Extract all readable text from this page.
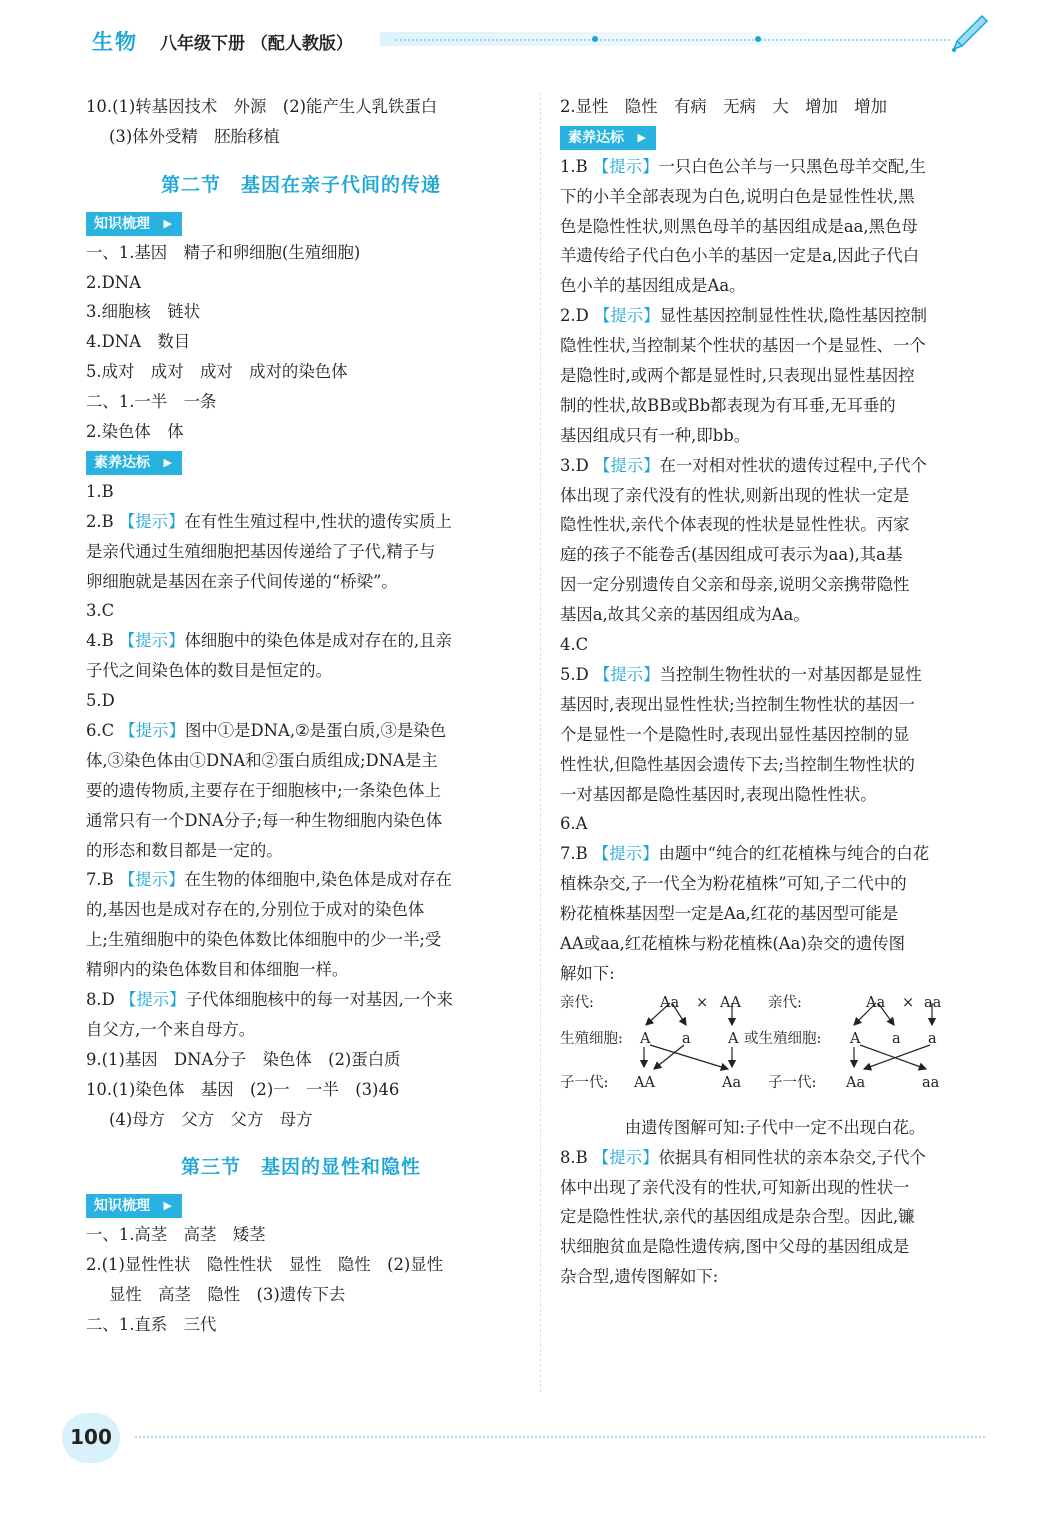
生物 八年级下册 （配人教版）
10.(1)转基因技术　外源　(2)能产生人乳铁蛋白
(3)体外受精　胚胎移植
第二节　基因在亲子代间的传递
知识梳理 ▶
一、1.基因　精子和卵细胞(生殖细胞)
2.DNA
3.细胞核　链状
4.DNA　数目
5.成对　成对　成对　成对的染色体
二、1.一半　一条
2.染色体　体
素养达标 ▶
1.B
2.B 【提示】在有性生殖过程中,性状的遗传实质上
是亲代通过生殖细胞把基因传递给了子代,精子与
卵细胞就是基因在亲子代间传递的“桥梁”。
3.C
4.B 【提示】体细胞中的染色体是成对存在的,且亲
子代之间染色体的数目是恒定的。
5.D
6.C 【提示】图中①是DNA,②是蛋白质,③是染色
体,③染色体由①DNA和②蛋白质组成;DNA是主
要的遗传物质,主要存在于细胞核中;一条染色体上
通常只有一个DNA分子;每一种生物细胞内染色体
的形态和数目都是一定的。
7.B 【提示】在生物的体细胞中,染色体是成对存在
的,基因也是成对存在的,分别位于成对的染色体
上;生殖细胞中的染色体数比体细胞中的少一半;受
精卵内的染色体数目和体细胞一样。
8.D 【提示】子代体细胞核中的每一对基因,一个来
自父方,一个来自母方。
9.(1)基因　DNA分子　染色体　(2)蛋白质
10.(1)染色体　基因　(2)一　一半　(3)46
(4)母方　父方　父方　母方
第三节　基因的显性和隐性
知识梳理 ▶
一、1.高茎　高茎　矮茎
2.(1)显性性状　隐性性状　显性　隐性　(2)显性
显性　高茎　隐性　(3)遗传下去
二、1.直系　三代
2.显性　隐性　有病　无病　大　增加　增加
素养达标 ▶
1.B 【提示】一只白色公羊与一只黑色母羊交配,生
下的小羊全部表现为白色,说明白色是显性性状,黑
色是隐性性状,则黑色母羊的基因组成是aa,黑色母
羊遗传给子代白色小羊的基因一定是a,因此子代白
色小羊的基因组成是Aa。
2.D 【提示】显性基因控制显性性状,隐性基因控制
隐性性状,当控制某个性状的基因一个是显性、一个
是隐性时,或两个都是显性时,只表现出显性基因控
制的性状,故BB或Bb都表现为有耳垂,无耳垂的
基因组成只有一种,即bb。
3.D 【提示】在一对相对性状的遗传过程中,子代个
体出现了亲代没有的性状,则新出现的性状一定是
隐性性状,亲代个体表现的性状是显性性状。丙家
庭的孩子不能卷舌(基因组成可表示为aa),其a基
因一定分别遗传自父亲和母亲,说明父亲携带隐性
基因a,故其父亲的基因组成为Aa。
4.C
5.D 【提示】当控制生物性状的一对基因都是显性
基因时,表现出显性性状;当控制生物性状的基因一
个是显性一个是隐性时,表现出显性基因控制的显
性性状,但隐性基因会遗传下去;当控制生物性状的
一对基因都是隐性基因时,表现出隐性性状。
6.A
7.B 【提示】由题中“纯合的红花植株与纯合的白花
植株杂交,子一代全为粉花植株”可知,子二代中的
粉花植株基因型一定是Aa,红花的基因型可能是
AA或aa,红花植株与粉花植株(Aa)杂交的遗传图
解如下:
亲代:	Aa × AA 亲代:	Aa × aa
生殖细胞: A a	A 或生殖细胞: A a a
子一代: AA	Aa 子一代: Aa	aa
由遗传图解可知:子代中一定不出现白花。
8.B 【提示】依据具有相同性状的亲本杂交,子代个
体中出现了亲代没有的性状,可知新出现的性状一
定是隐性性状,亲代的基因组成是杂合型。因此,镰
状细胞贫血是隐性遗传病,图中父母的基因组成是
杂合型,遗传图解如下:
100
